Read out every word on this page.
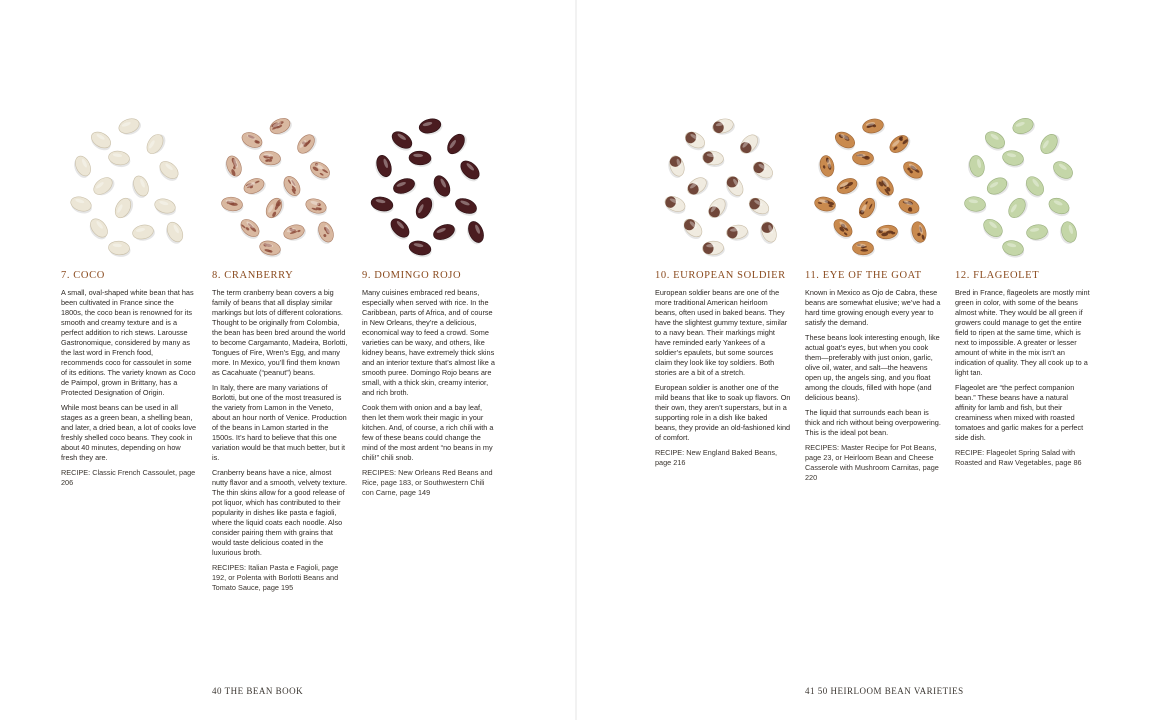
7. COCO

A small, oval-shaped white bean that has been cultivated in France since the 1800s, the coco bean is renowned for its smooth and creamy texture and is a perfect addition to rich stews. Larousse Gastronomique, considered by many as the last word in French food, recommends coco for cassoulet in some of its editions. The variety known as Coco de Paimpol, grown in Brittany, has a Protected Designation of Origin.

While most beans can be used in all stages as a green bean, a shelling bean, and later, a dried bean, a lot of cooks love freshly shelled coco beans. They cook in about 40 minutes, depending on how fresh they are.

RECIPE: Classic French Cassoulet, page 206

8. CRANBERRY

The term cranberry bean covers a big family of beans that all display similar markings but lots of different colorations. Thought to be originally from Colombia, the bean has been bred around the world to become Cargamanto, Madeira, Borlotti, Tongues of Fire, Wren’s Egg, and many more. In Mexico, you’ll find them known as Cacahuate (“peanut”) beans.

In Italy, there are many variations of Borlotti, but one of the most treasured is the variety from Lamon in the Veneto, about an hour north of Venice. Production of the beans in Lamon started in the 1500s. It’s hard to believe that this one variation would be that much better, but it is.

Cranberry beans have a nice, almost nutty flavor and a smooth, velvety texture. The thin skins allow for a good release of pot liquor, which has contributed to their popularity in dishes like pasta e fagioli, where the liquid coats each noodle. Also consider pairing them with grains that would taste delicious coated in the luxurious broth.

RECIPES: Italian Pasta e Fagioli, page 192, or Polenta with Borlotti Beans and Tomato Sauce, page 195

9. DOMINGO ROJO

Many cuisines embraced red beans, especially when served with rice. In the Caribbean, parts of Africa, and of course in New Orleans, they’re a delicious, economical way to feed a crowd. Some varieties can be waxy, and others, like kidney beans, have extremely thick skins and an interior texture that’s almost like a smooth puree. Domingo Rojo beans are small, with a thick skin, creamy interior, and rich broth.

Cook them with onion and a bay leaf, then let them work their magic in your kitchen. And, of course, a rich chili with a few of these beans could change the mind of the most ardent “no beans in my chili!” chili snob.

RECIPES: New Orleans Red Beans and Rice, page 183, or Southwestern Chili con Carne, page 149

10. EUROPEAN SOLDIER

European soldier beans are one of the more traditional American heirloom beans, often used in baked beans. They have the slightest gummy texture, similar to a navy bean. Their markings might have reminded early Yankees of a soldier’s epaulets, but some sources claim they look like toy soldiers. Both stories are a bit of a stretch.

European soldier is another one of the mild beans that like to soak up flavors. On their own, they aren’t superstars, but in a supporting role in a dish like baked beans, they provide an old-fashioned kind of comfort.

RECIPE: New England Baked Beans, page 216

11. EYE OF THE GOAT

Known in Mexico as Ojo de Cabra, these beans are somewhat elusive; we’ve had a hard time growing enough every year to satisfy the demand.

These beans look interesting enough, like actual goat’s eyes, but when you cook them—preferably with just onion, garlic, olive oil, water, and salt—the heavens open up, the angels sing, and you float among the clouds, filled with hope (and delicious beans).

The liquid that surrounds each bean is thick and rich without being overpowering. This is the ideal pot bean.

RECIPES: Master Recipe for Pot Beans, page 23, or Heirloom Bean and Cheese Casserole with Mushroom Carnitas, page 220

12. FLAGEOLET

Bred in France, flageolets are mostly mint green in color, with some of the beans almost white. They would be all green if growers could manage to get the entire field to ripen at the same time, which is next to impossible. A greater or lesser amount of white in the mix isn’t an indication of quality. They all cook up to a light tan.

Flageolet are “the perfect companion bean.” These beans have a natural affinity for lamb and fish, but their creaminess when mixed with roasted tomatoes and garlic makes for a perfect side dish.

RECIPE: Flageolet Spring Salad with Roasted and Raw Vegetables, page 86

40 THE BEAN BOOK	41 50 HEIRLOOM BEAN VARIETIES
